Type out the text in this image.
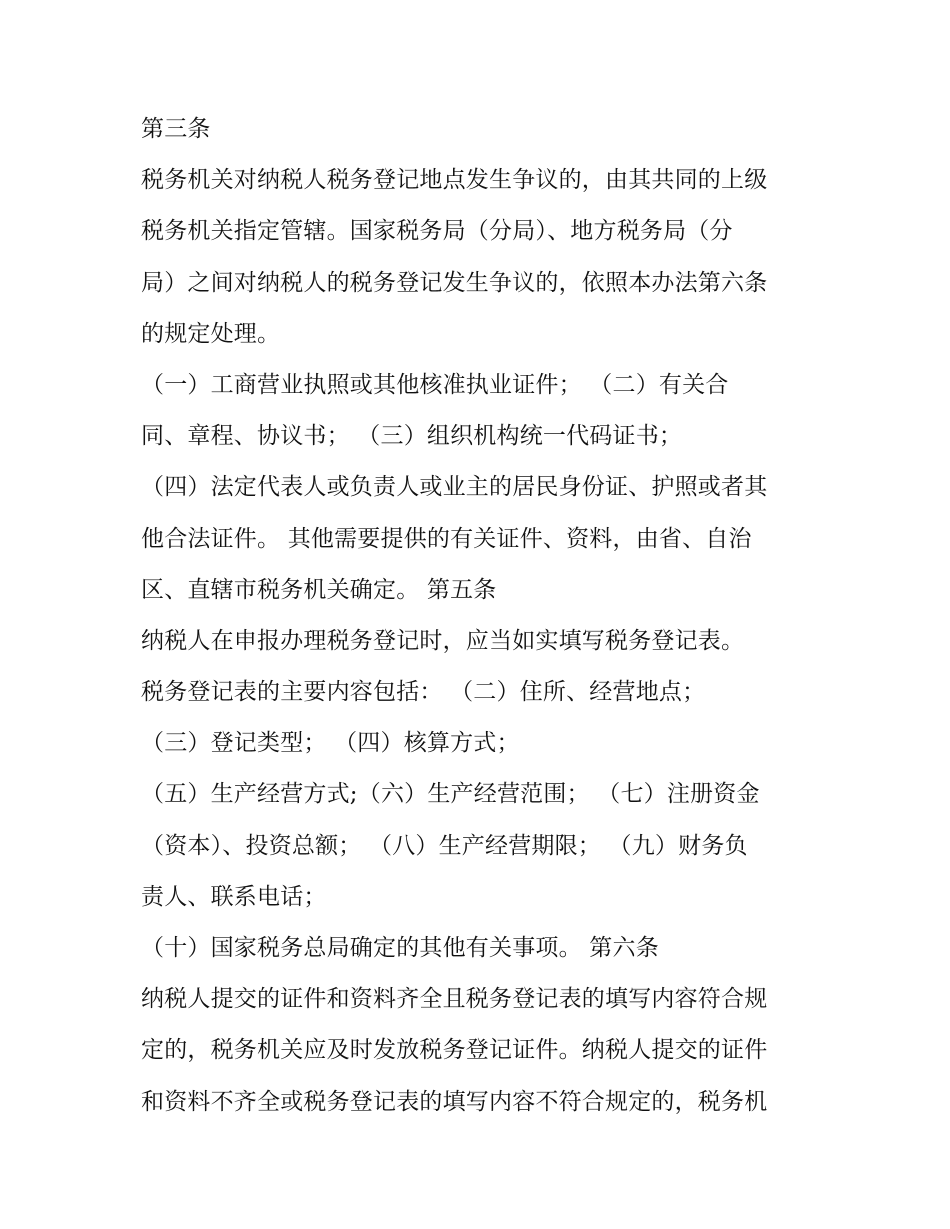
第三条
税务机关对纳税人税务登记地点发生争议的，由其共同的上级
税务机关指定管辖。国家税务局（分局）、地方税务局（分
局）之间对纳税人的税务登记发生争议的，依照本办法第六条
的规定处理。
（一）工商营业执照或其他核准执业证件； （二）有关合
同、章程、协议书； （三）组织机构统一代码证书；
（四）法定代表人或负责人或业主的居民身份证、护照或者其
他合法证件。 其他需要提供的有关证件、资料，由省、自治
区、直辖市税务机关确定。 第五条
纳税人在申报办理税务登记时，应当如实填写税务登记表。
税务登记表的主要内容包括： （二）住所、经营地点；
（三）登记类型； （四）核算方式；
（五）生产经营方式;（六）生产经营范围； （七）注册资金
（资本）、投资总额； （八）生产经营期限； （九）财务负
责人、联系电话；
（十）国家税务总局确定的其他有关事项。 第六条
纳税人提交的证件和资料齐全且税务登记表的填写内容符合规
定的，税务机关应及时发放税务登记证件。纳税人提交的证件
和资料不齐全或税务登记表的填写内容不符合规定的，税务机
